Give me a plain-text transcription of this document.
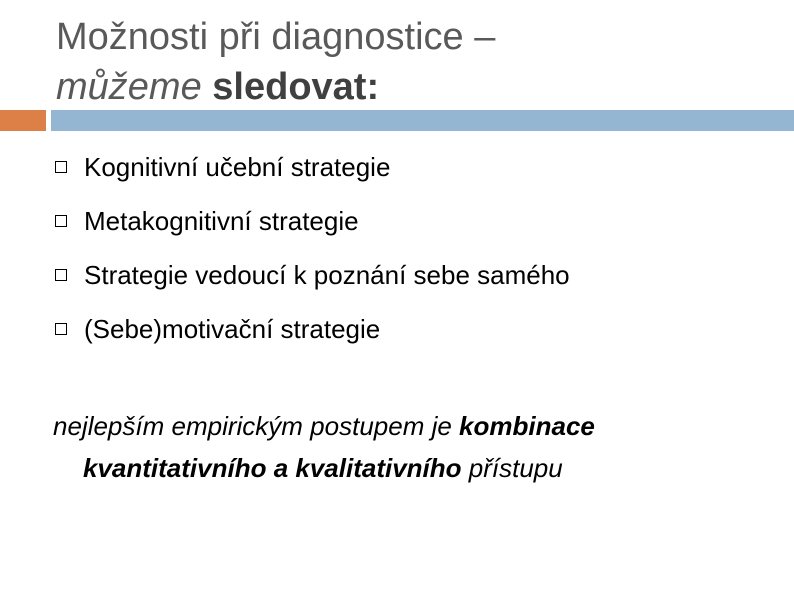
Možnosti při diagnostice –
můžeme sledovat:
Kognitivní učební strategie
Metakognitivní strategie
Strategie vedoucí k poznání sebe samého
(Sebe)motivační strategie

nejlepším empirickým postupem je kombinace
kvantitativního a kvalitativního přístupu
